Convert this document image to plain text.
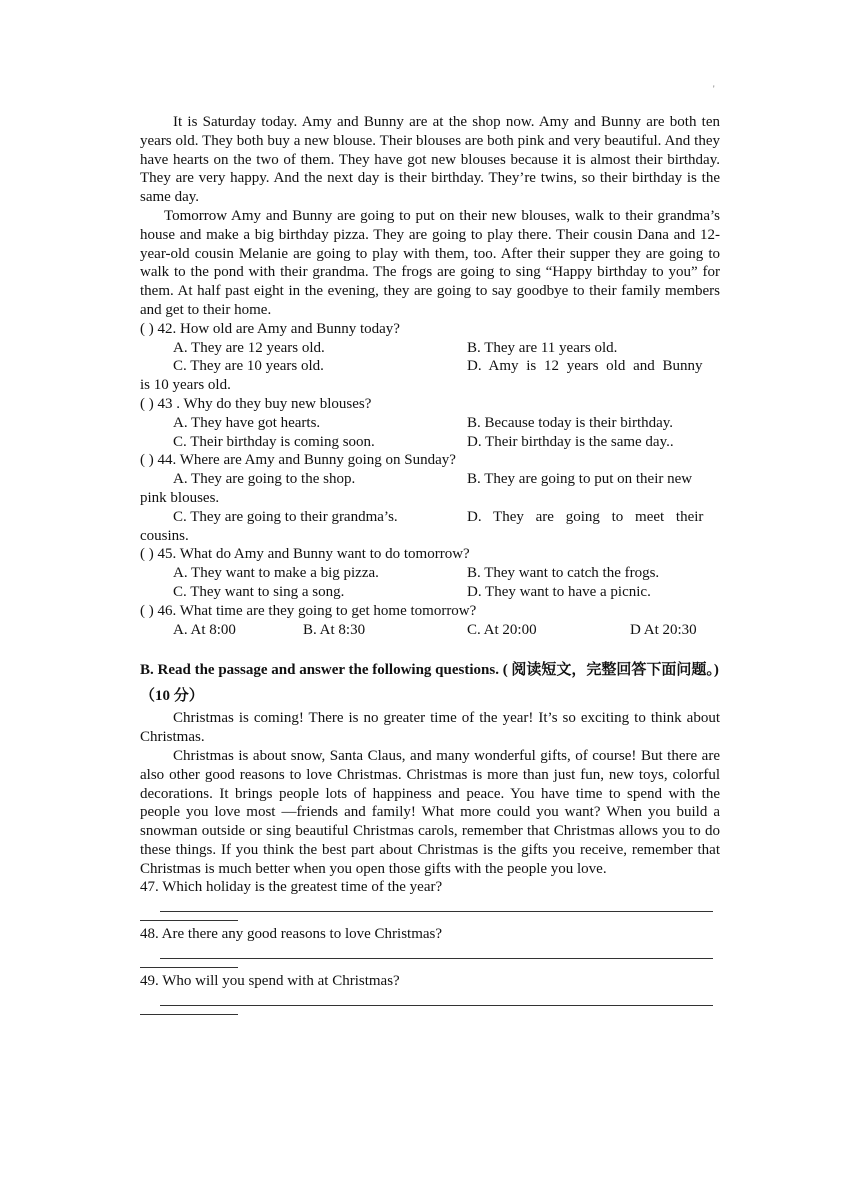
'

It is Saturday today. Amy and Bunny are at the shop now. Amy and Bunny are both ten years old. They both buy a new blouse. Their blouses are both pink and very beautiful. And they have hearts on the two of them. They have got new blouses because it is almost their birthday. They are very happy. And the next day is their birthday. They’re twins, so their birthday is the same day.

Tomorrow Amy and Bunny are going to put on their new blouses, walk to their grandma’s house and make a big birthday pizza. They are going to play there. Their cousin Dana and 12-year-old cousin Melanie are going to play with them, too. After their supper they are going to walk to the pond with their grandma. The frogs are going to sing “Happy birthday to you” for them. At half past eight in the evening, they are going to say goodbye to their family members and get to their home.

( ) 42. How old are Amy and Bunny today?

A. They are 12 years old.	B. They are 11 years old.
C. They are 10 years old.	D. Amy is 12 years old and Bunny

is 10 years old.

( ) 43 . Why do they buy new blouses?

A. They have got hearts.	B. Because today is their birthday.
C. Their birthday is coming soon.	D. Their birthday is the same day..

( ) 44. Where are Amy and Bunny going on Sunday?

A. They are going to the shop.	B. They are going to put on their new

pink blouses.

C. They are going to their grandma’s.	D. They are going to meet their

cousins.

( ) 45. What do Amy and Bunny want to do tomorrow?

A. They want to make a big pizza.	B. They want to catch the frogs.
C. They want to sing a song.	D. They want to have a picnic.

( ) 46. What time are they going to get home tomorrow?

A. At 8:00	B. At 8:30	C. At 20:00	D At 20:30

B. Read the passage and answer the following questions. ( 阅读短文，完整回答下面问题。) （10 分）

Christmas is coming! There is no greater time of the year! It’s so exciting to think about Christmas.

Christmas is about snow, Santa Claus, and many wonderful gifts, of course! But there are also other good reasons to love Christmas. Christmas is more than just fun, new toys, colorful decorations. It brings people lots of happiness and peace. You have time to spend with the people you love most —friends and family! What more could you want? When you build a snowman outside or sing beautiful Christmas carols, remember that Christmas allows you to do these things. If you think the best part about Christmas is the gifts you receive, remember that Christmas is much better when you open those gifts with the people you love.

47. Which holiday is the greatest time of the year?

48. Are there any good reasons to love Christmas?

49. Who will you spend with at Christmas?
